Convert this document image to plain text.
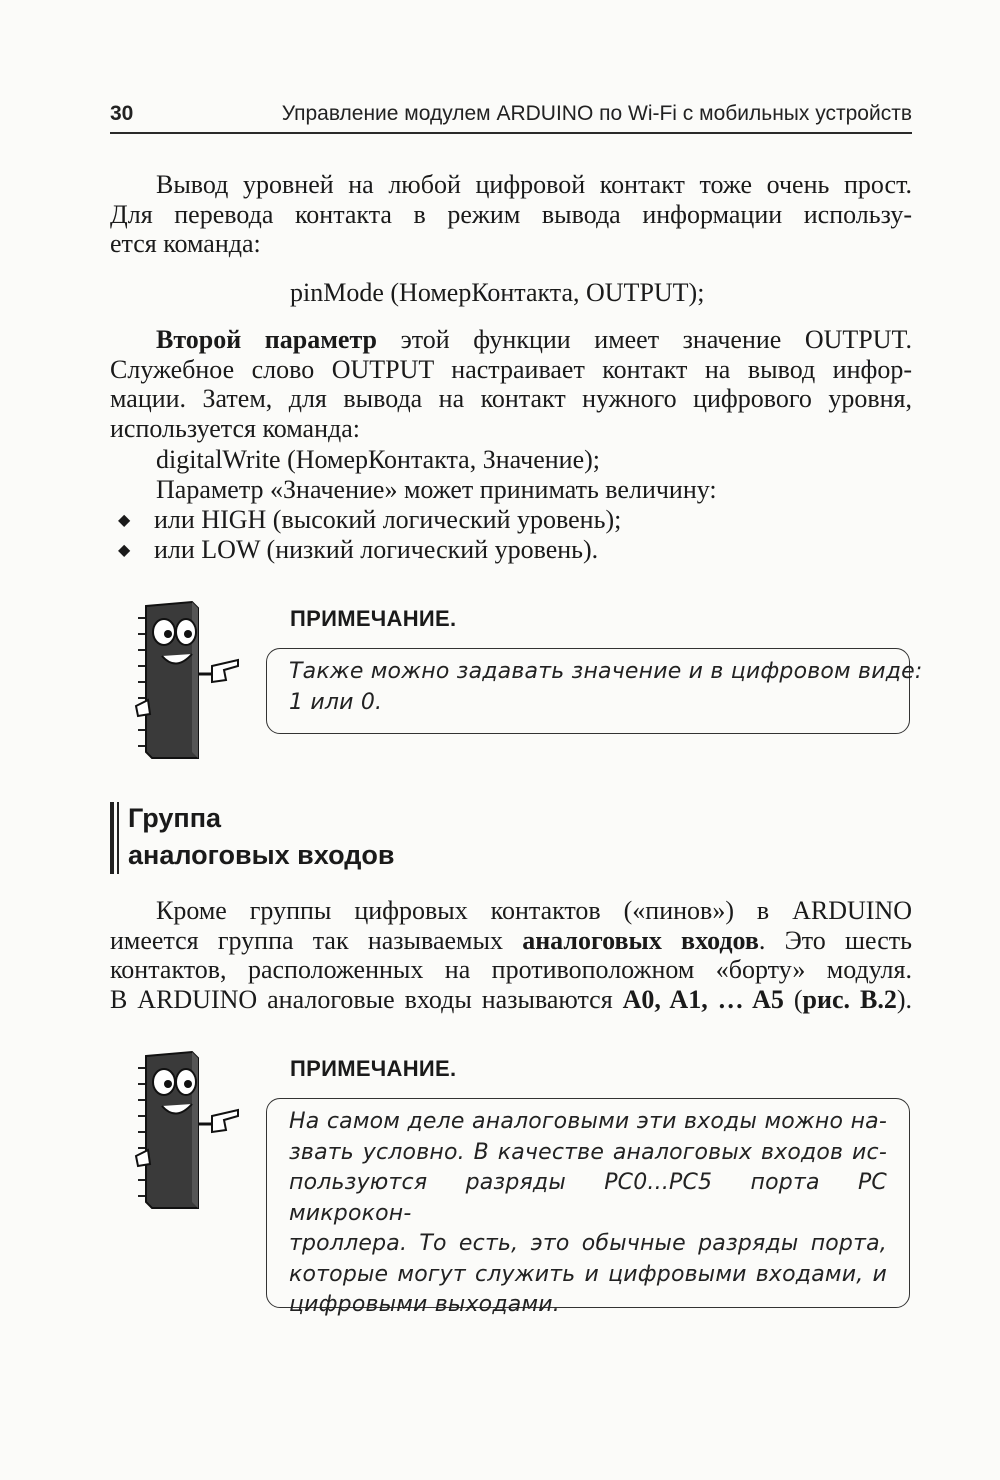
30	Управление модулем ARDUINO по Wi-Fi с мобильных устройств
Вывод уровней на любой цифровой контакт тоже очень прост.
Для перевода контакта в режим вывода информации использу-
ется команда:
pinMode (НомерКонтакта, OUTPUT);
Второй параметр этой функции имеет значение OUTPUT.
Служебное слово OUTPUT настраивает контакт на вывод инфор-
мации. Затем, для вывода на контакт нужного цифрового уровня,
используется команда:
digitalWrite (НомерКонтакта, Значение);
Параметр «Значение» может принимать величину:
◆ или HIGH (высокий логический уровень);
◆ или LOW (низкий логический уровень).
ПРИМЕЧАНИЕ.
Также можно задавать значение и в цифровом виде:
1 или 0.
Группа
аналоговых входов
Кроме группы цифровых контактов («пинов») в ARDUINO
имеется группа так называемых аналоговых входов. Это шесть
контактов, расположенных на противоположном «борту» модуля.
В ARDUINO аналоговые входы называются A0, A1, … A5 (рис. В.2).
ПРИМЕЧАНИЕ.
На самом деле аналоговыми эти входы можно на-
звать условно. В качестве аналоговых входов ис-
пользуются разряды PC0...PC5 порта PC микрокон-
троллера. То есть, это обычные разряды порта,
которые могут служить и цифровыми входами, и
цифровыми выходами.
